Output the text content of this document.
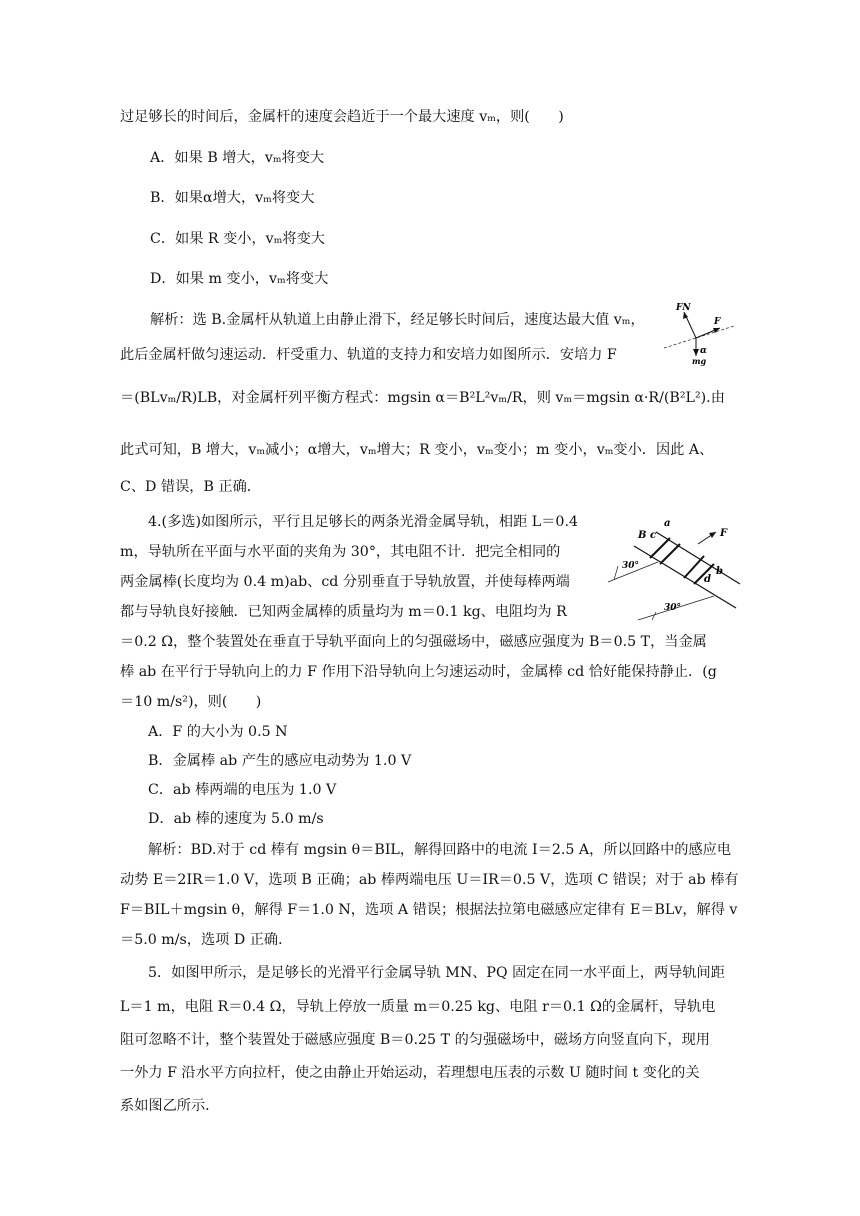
过足够长的时间后，金属杆的速度会趋近于一个最大速度 vₘ，则(　　)
A．如果 B 增大，vₘ将变大
B．如果α增大，vₘ将变大
C．如果 R 变小，vₘ将变大
D．如果 m 变小，vₘ将变大
解析：选 B.金属杆从轨道上由静止滑下，经足够长时间后，速度达最大值 vₘ，
此后金属杆做匀速运动．杆受重力、轨道的支持力和安培力如图所示．安培力 F
＝(BLvₘ/R)LB，对金属杆列平衡方程式：mgsin α＝B²L²vₘ/R，则 vₘ＝mgsin α·R/(B²L²).由
此式可知，B 增大，vₘ减小；α增大，vₘ增大；R 变小，vₘ变小；m 变小，vₘ变小．因此 A、
C、D 错误，B 正确．
FN
F
α
mg
4.(多选)如图所示，平行且足够长的两条光滑金属导轨，相距 L＝0.4
m，导轨所在平面与水平面的夹角为 30°，其电阻不计．把完全相同的
两金属棒(长度均为 0.4 m)ab、cd 分别垂直于导轨放置，并使每棒两端
都与导轨良好接触．已知两金属棒的质量均为 m＝0.1 kg、电阻均为 R
＝0.2 Ω，整个装置处在垂直于导轨平面向上的匀强磁场中，磁感应强度为 B＝0.5 T，当金属
棒 ab 在平行于导轨向上的力 F 作用下沿导轨向上匀速运动时，金属棒 cd 恰好能保持静止．(g
＝10 m/s²)，则(　　)
A．F 的大小为 0.5 N
B．金属棒 ab 产生的感应电动势为 1.0 V
C．ab 棒两端的电压为 1.0 V
D．ab 棒的速度为 5.0 m/s
解析：BD.对于 cd 棒有 mgsin θ＝BIL，解得回路中的电流 I＝2.5 A，所以回路中的感应电
动势 E＝2IR＝1.0 V，选项 B 正确；ab 棒两端电压 U＝IR＝0.5 V，选项 C 错误；对于 ab 棒有
F＝BIL＋mgsin θ，解得 F＝1.0 N，选项 A 错误；根据法拉第电磁感应定律有 E＝BLv，解得 v
＝5.0 m/s，选项 D 正确．
B c
a
F
d
b
30°
30°
5．如图甲所示，是足够长的光滑平行金属导轨 MN、PQ 固定在同一水平面上，两导轨间距
L＝1 m，电阻 R＝0.4 Ω，导轨上停放一质量 m＝0.25 kg、电阻 r＝0.1 Ω的金属杆，导轨电
阻可忽略不计，整个装置处于磁感应强度 B＝0.25 T 的匀强磁场中，磁场方向竖直向下，现用
一外力 F 沿水平方向拉杆，使之由静止开始运动，若理想电压表的示数 U 随时间 t 变化的关
系如图乙所示．
